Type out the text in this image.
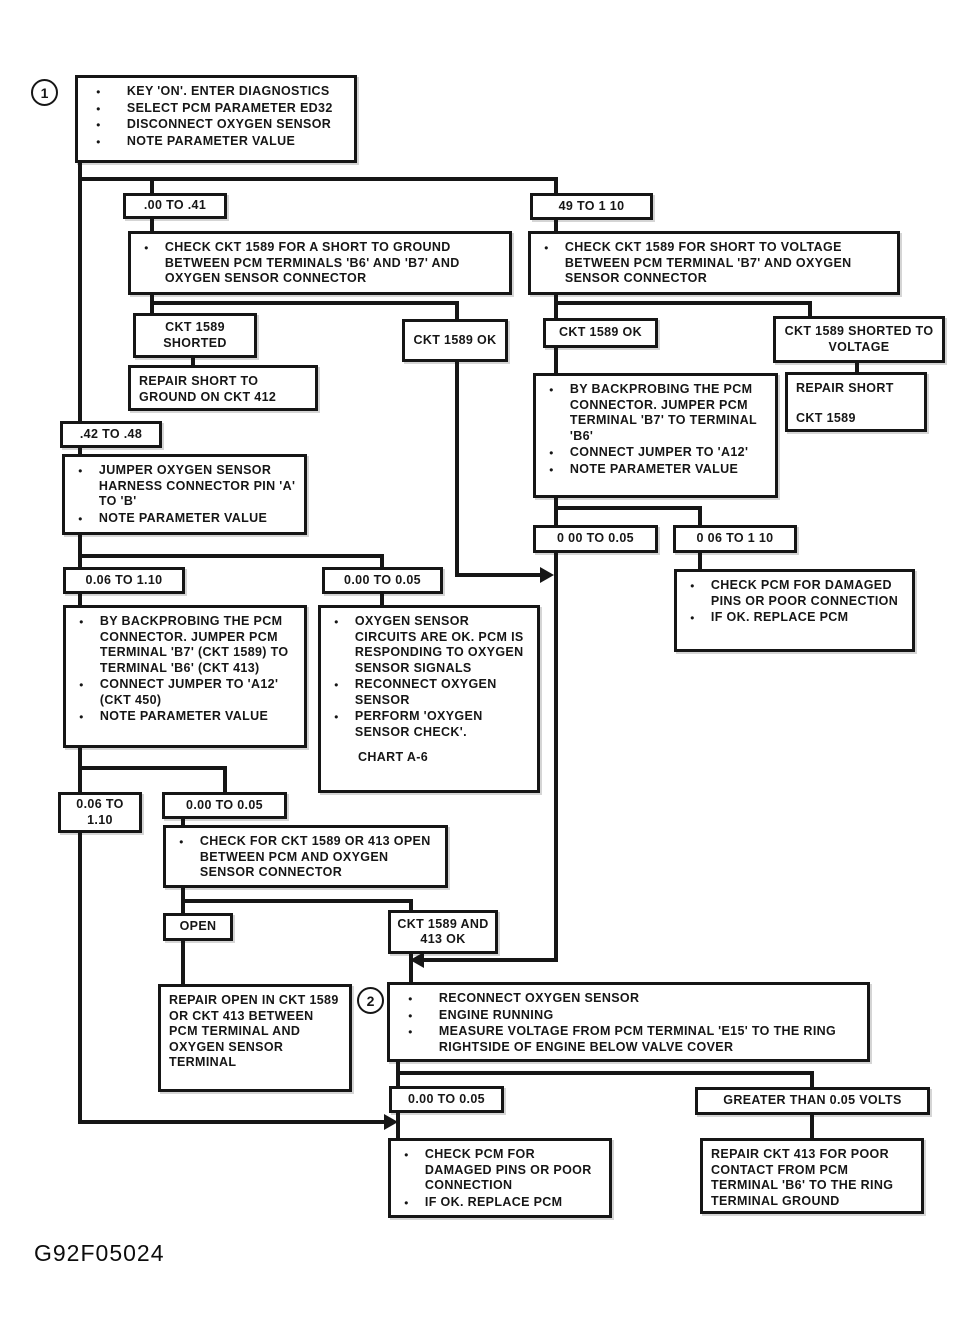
1	● KEY 'ON'. ENTER DIAGNOSTICS
● SELECT PCM PARAMETER ED32
● DISCONNECT OXYGEN SENSOR
● NOTE PARAMETER VALUE
.00 TO .41
● CHECK CKT 1589 FOR A SHORT TO GROUND BETWEEN PCM TERMINALS 'B6' AND 'B7' AND OXYGEN SENSOR CONNECTOR
CKT 1589 SHORTED
REPAIR SHORT TO GROUND ON CKT 412
CKT 1589 OK
49 TO 1 10
● CHECK CKT 1589 FOR SHORT TO VOLTAGE BETWEEN PCM TERMINAL 'B7' AND OXYGEN SENSOR CONNECTOR
CKT 1589 OK	CKT 1589 SHORTED TO VOLTAGE
REPAIR SHORT
CKT 1589
● BY BACKPROBING THE PCM CONNECTOR. JUMPER PCM TERMINAL 'B7' TO TERMINAL 'B6'
● CONNECT JUMPER TO 'A12'
● NOTE PARAMETER VALUE
0 00 TO 0.05	0 06 TO 1 10
● CHECK PCM FOR DAMAGED PINS OR POOR CONNECTION
● IF OK. REPLACE PCM
.42 TO .48
● JUMPER OXYGEN SENSOR HARNESS CONNECTOR PIN 'A' TO 'B'
● NOTE PARAMETER VALUE
0.06 TO 1.10	0.00 TO 0.05
● BY BACKPROBING THE PCM CONNECTOR. JUMPER PCM TERMINAL 'B7' (CKT 1589) TO TERMINAL 'B6' (CKT 413)
● CONNECT JUMPER TO 'A12' (CKT 450)
● NOTE PARAMETER VALUE
● OXYGEN SENSOR CIRCUITS ARE OK. PCM IS RESPONDING TO OXYGEN SENSOR SIGNALS
● RECONNECT OXYGEN SENSOR
● PERFORM 'OXYGEN SENSOR CHECK'.
CHART A-6
0.06 TO 1.10
0.00 TO 0.05
● CHECK FOR CKT 1589 OR 413 OPEN BETWEEN PCM AND OXYGEN SENSOR CONNECTOR
OPEN	CKT 1589 AND 413 OK
REPAIR OPEN IN CKT 1589 OR CKT 413 BETWEEN PCM TERMINAL AND OXYGEN SENSOR TERMINAL
2	● RECONNECT OXYGEN SENSOR
● ENGINE RUNNING
● MEASURE VOLTAGE FROM PCM TERMINAL 'E15' TO THE RING RIGHTSIDE OF ENGINE BELOW VALVE COVER
0.00 TO 0.05	GREATER THAN 0.05 VOLTS
● CHECK PCM FOR DAMAGED PINS OR POOR CONNECTION
● IF OK. REPLACE PCM
REPAIR CKT 413 FOR POOR CONTACT FROM PCM TERMINAL 'B6' TO THE RING TERMINAL GROUND
G92F05024
